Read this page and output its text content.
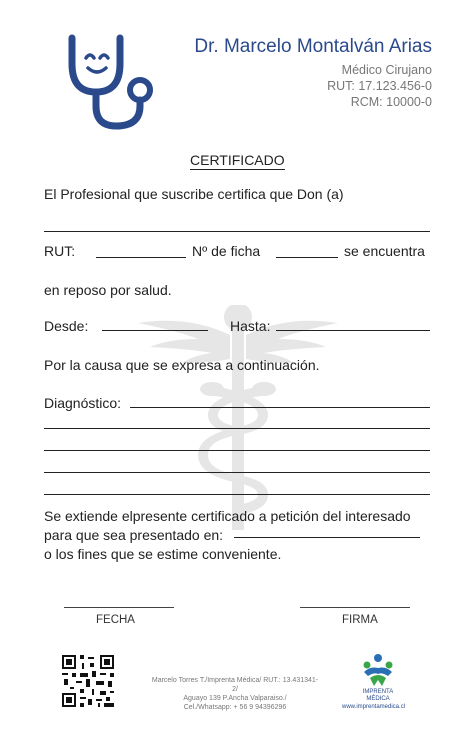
Dr. Marcelo Montalván Arias
Médico Cirujano
RUT: 17.123.456-0
RCM: 10000-0
CERTIFICADO
El Profesional que suscribe certifica que Don (a)
RUT:	Nº de ficha	se encuentra
en reposo por salud.
Desde:	Hasta:
Por la causa que se expresa a continuación.
Diagnóstico:
Se extiende elpresente certificado a petición del interesado
para que sea presentado en:
o los fines que se estime conveniente.
FECHA	FIRMA
Marcelo Torres T./Imprenta Médica/ RUT.: 13.431341-2/
Aguayo 139 P.Ancha Valparaiso./
Cel./Whatsapp: + 56 9 94396296
IMPRENTA
MÉDICA
www.imprentamedica.cl
